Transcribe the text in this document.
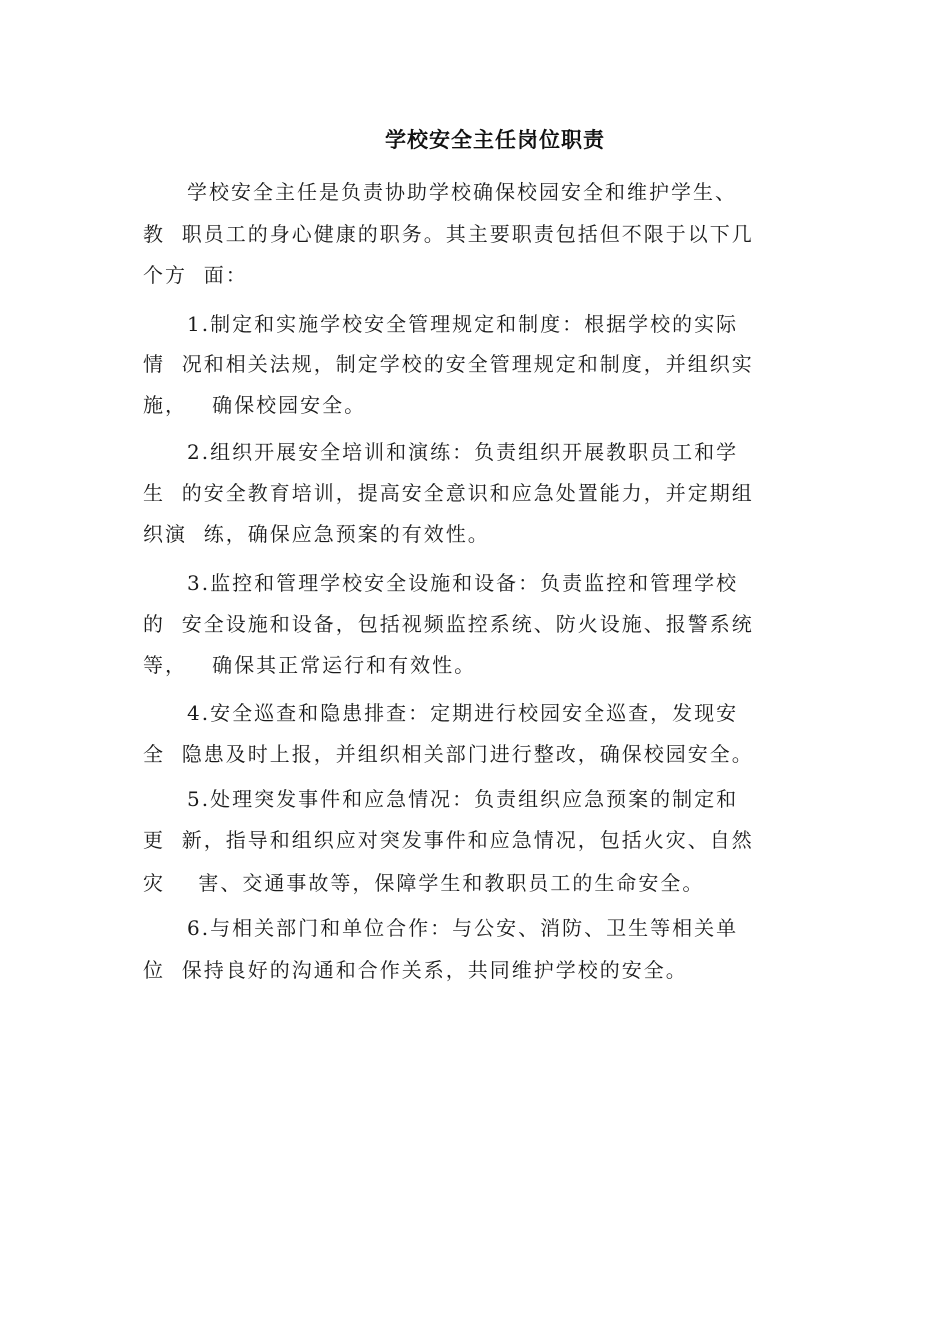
学校安全主任岗位职责
　　学校安全主任是负责协助学校确保校园安全和维护学生、
教  职员工的身心健康的职务。其主要职责包括但不限于以下几
个方  面：
　　1.制定和实施学校安全管理规定和制度：根据学校的实际
情  况和相关法规，制定学校的安全管理规定和制度，并组织实
施，   确保校园安全。
　　2.组织开展安全培训和演练：负责组织开展教职员工和学
生  的安全教育培训，提高安全意识和应急处置能力，并定期组
织演  练，确保应急预案的有效性。
　　3.监控和管理学校安全设施和设备：负责监控和管理学校
的  安全设施和设备，包括视频监控系统、防火设施、报警系统
等，   确保其正常运行和有效性。
　　4.安全巡查和隐患排查：定期进行校园安全巡查，发现安
全  隐患及时上报，并组织相关部门进行整改，确保校园安全。
　　5.处理突发事件和应急情况：负责组织应急预案的制定和
更  新，指导和组织应对突发事件和应急情况，包括火灾、自然
灾    害、交通事故等，保障学生和教职员工的生命安全。
　　6.与相关部门和单位合作：与公安、消防、卫生等相关单
位  保持良好的沟通和合作关系，共同维护学校的安全。
